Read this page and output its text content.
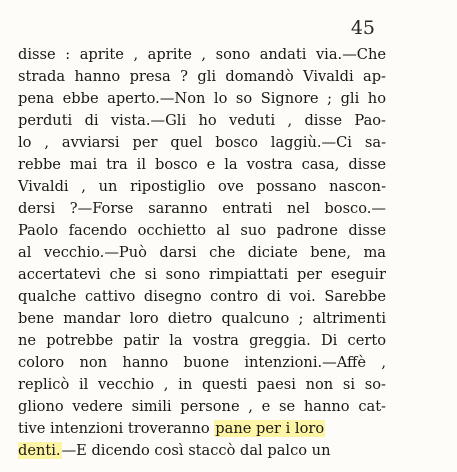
45
disse : aprite , aprite , sono andati via.—Che
strada hanno presa ? gli domandò Vivaldi ap-
pena ebbe aperto.—Non lo so Signore ; gli ho
perduti di vista.—Gli ho veduti , disse Pao-
lo , avviarsi per quel bosco laggiù.—Ci sa-
rebbe mai tra il bosco e la vostra casa, disse
Vivaldi , un ripostiglio ove possano nascon-
dersi ?—Forse saranno entrati nel bosco.—
Paolo facendo occhietto al suo padrone disse
al vecchio.—Può darsi che diciate bene, ma
accertatevi che si sono rimpiattati per eseguir
qualche cattivo disegno contro di voi. Sarebbe
bene mandar loro dietro qualcuno ; altrimenti
ne potrebbe patir la vostra greggia. Di certo
coloro non hanno buone intenzioni.—Affè ,
replicò il vecchio , in questi paesi non si so-
gliono vedere simili persone , e se hanno cat-
tive intenzioni troveranno pane per i loro
denti.—E dicendo così staccò dal palco un
